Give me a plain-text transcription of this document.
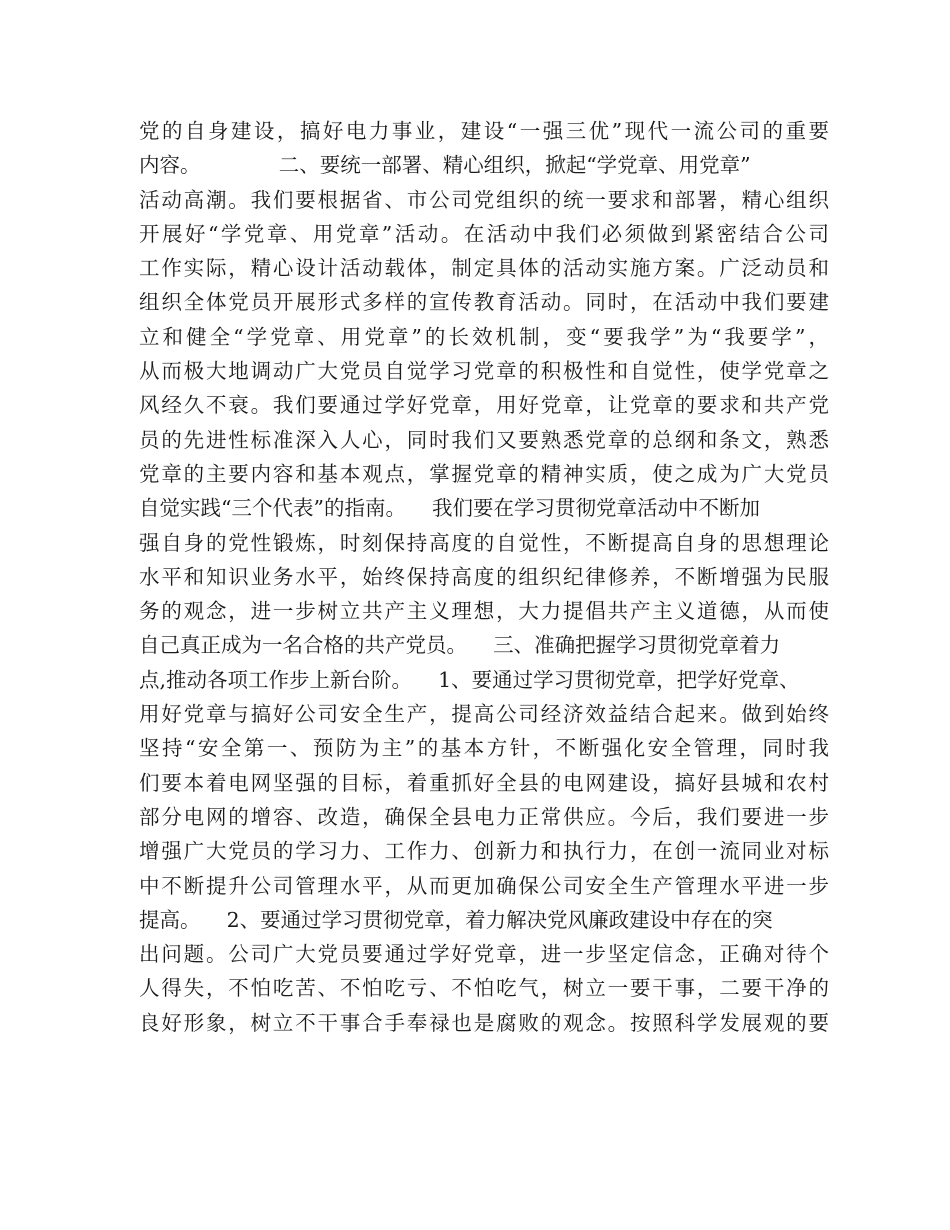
党的自身建设，搞好电力事业，建设“一强三优”现代一流公司的重要
内容。            二、要统一部署、精心组织，掀起“学党章、用党章”
活动高潮。我们要根据省、市公司党组织的统一要求和部署，精心组织
开展好“学党章、用党章”活动。在活动中我们必须做到紧密结合公司
工作实际，精心设计活动载体，制定具体的活动实施方案。广泛动员和
组织全体党员开展形式多样的宣传教育活动。同时，在活动中我们要建
立和健全“学党章、用党章”的长效机制，变“要我学”为“我要学”，
从而极大地调动广大党员自觉学习党章的积极性和自觉性，使学党章之
风经久不衰。我们要通过学好党章，用好党章，让党章的要求和共产党
员的先进性标准深入人心，同时我们又要熟悉党章的总纲和条文，熟悉
党章的主要内容和基本观点，掌握党章的精神实质，使之成为广大党员
自觉实践“三个代表”的指南。    我们要在学习贯彻党章活动中不断加
强自身的党性锻炼，时刻保持高度的自觉性，不断提高自身的思想理论
水平和知识业务水平，始终保持高度的组织纪律修养，不断增强为民服
务的观念，进一步树立共产主义理想，大力提倡共产主义道德，从而使
自己真正成为一名合格的共产党员。    三、准确把握学习贯彻党章着力
点,推动各项工作步上新台阶。    1、要通过学习贯彻党章，把学好党章、
用好党章与搞好公司安全生产，提高公司经济效益结合起来。做到始终
坚持“安全第一、预防为主”的基本方针，不断强化安全管理，同时我
们要本着电网坚强的目标，着重抓好全县的电网建设，搞好县城和农村
部分电网的增容、改造，确保全县电力正常供应。今后，我们要进一步
增强广大党员的学习力、工作力、创新力和执行力，在创一流同业对标
中不断提升公司管理水平，从而更加确保公司安全生产管理水平进一步
提高。    2、要通过学习贯彻党章，着力解决党风廉政建设中存在的突
出问题。公司广大党员要通过学好党章，进一步坚定信念，正确对待个
人得失，不怕吃苦、不怕吃亏、不怕吃气，树立一要干事，二要干净的
良好形象，树立不干事合手奉禄也是腐败的观念。按照科学发展观的要
